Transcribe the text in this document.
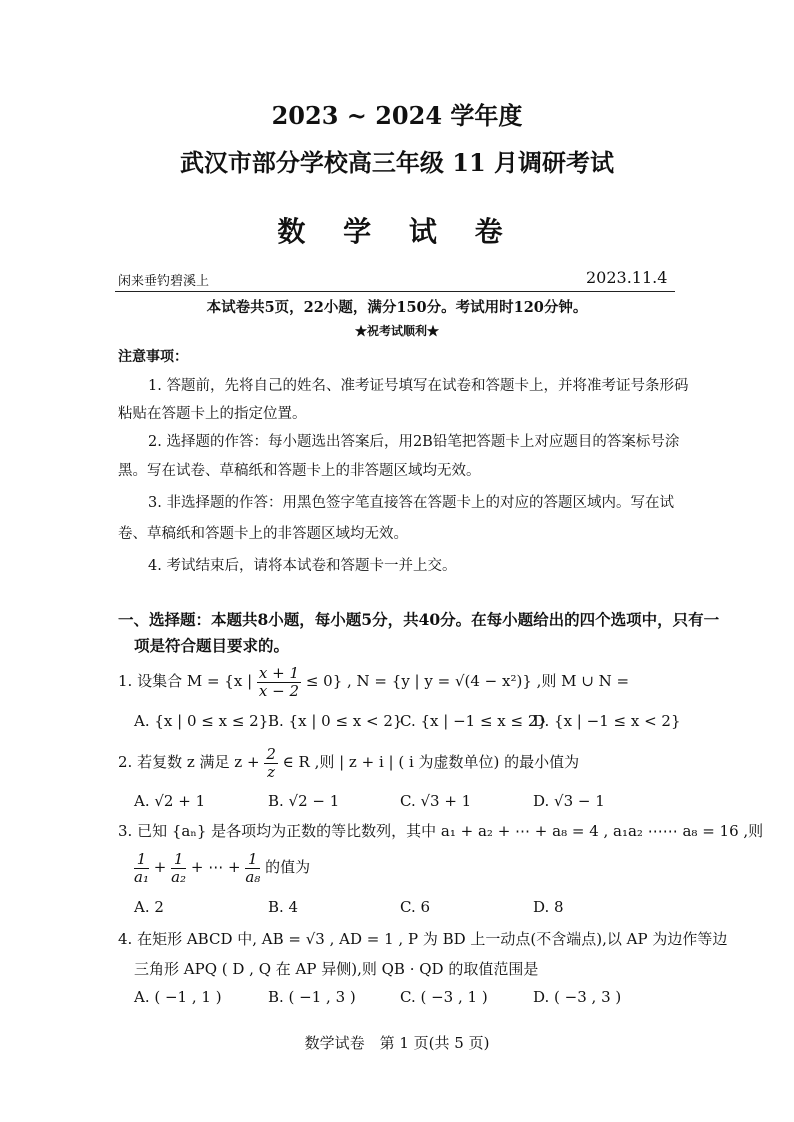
2023 ~ 2024 学年度
武汉市部分学校高三年级 11 月调研考试
数 学 试 卷
闲来垂钓碧溪上	2023.11.4
本试卷共5页，22小题，满分150分。考试用时120分钟。
★祝考试顺利★
注意事项：
1. 答题前，先将自己的姓名、准考证号填写在试卷和答题卡上，并将准考证号条形码
粘贴在答题卡上的指定位置。
2. 选择题的作答：每小题选出答案后，用2B铅笔把答题卡上对应题目的答案标号涂
黑。写在试卷、草稿纸和答题卡上的非答题区域均无效。
3. 非选择题的作答：用黑色签字笔直接答在答题卡上的对应的答题区域内。写在试
卷、草稿纸和答题卡上的非答题区域均无效。
4. 考试结束后，请将本试卷和答题卡一并上交。
一、选择题：本题共8小题，每小题5分，共40分。在每小题给出的四个选项中，只有一
项是符合题目要求的。
1. 设集合 M = {x | $\frac{x + 1}{x - 2} \le 0$} , N = {y | y = √(4 − x²)} ,则 M ∪ N =
A. {x | 0 ≤ x ≤ 2} B. {x | 0 ≤ x < 2}
C. {x | −1 ≤ x ≤ 2}
D. {x | −1 ≤ x < 2}
2. 若复数 z 满足 $z + \frac{2}{z}$ ∈ R ,则 | z + i | ( i 为虚数单位) 的最小值为
A. √2 + 1	B. √2 − 1	C. √3 + 1	D. √3 − 1
3. 已知 {aₙ} 是各项均为正数的等比数列，其中 a₁ + a₂ + ⋯ + a₈ = 4 , a₁a₂ ⋯⋯ a₈ = 16 ,则
$\frac{1}{\text{a₁}} + \frac{1}{\text{a₂}}$ + ⋯ + $\frac{1}{\text{a₈}}$ 的值为
A. 2	B. 4	C. 6	D. 8
4. 在矩形 ABCD 中, AB = √3 , AD = 1 , P 为 BD 上一动点(不含端点),以 AP 为边作等边
三角形 APQ ( D , Q 在 AP 异侧),则 QB · QD 的取值范围是
A. ( −1 , 1 )	B. ( −1 , 3 )	C. ( −3 , 1 )	D. ( −3 , 3 )
数学试卷　第 1 页(共 5 页)
